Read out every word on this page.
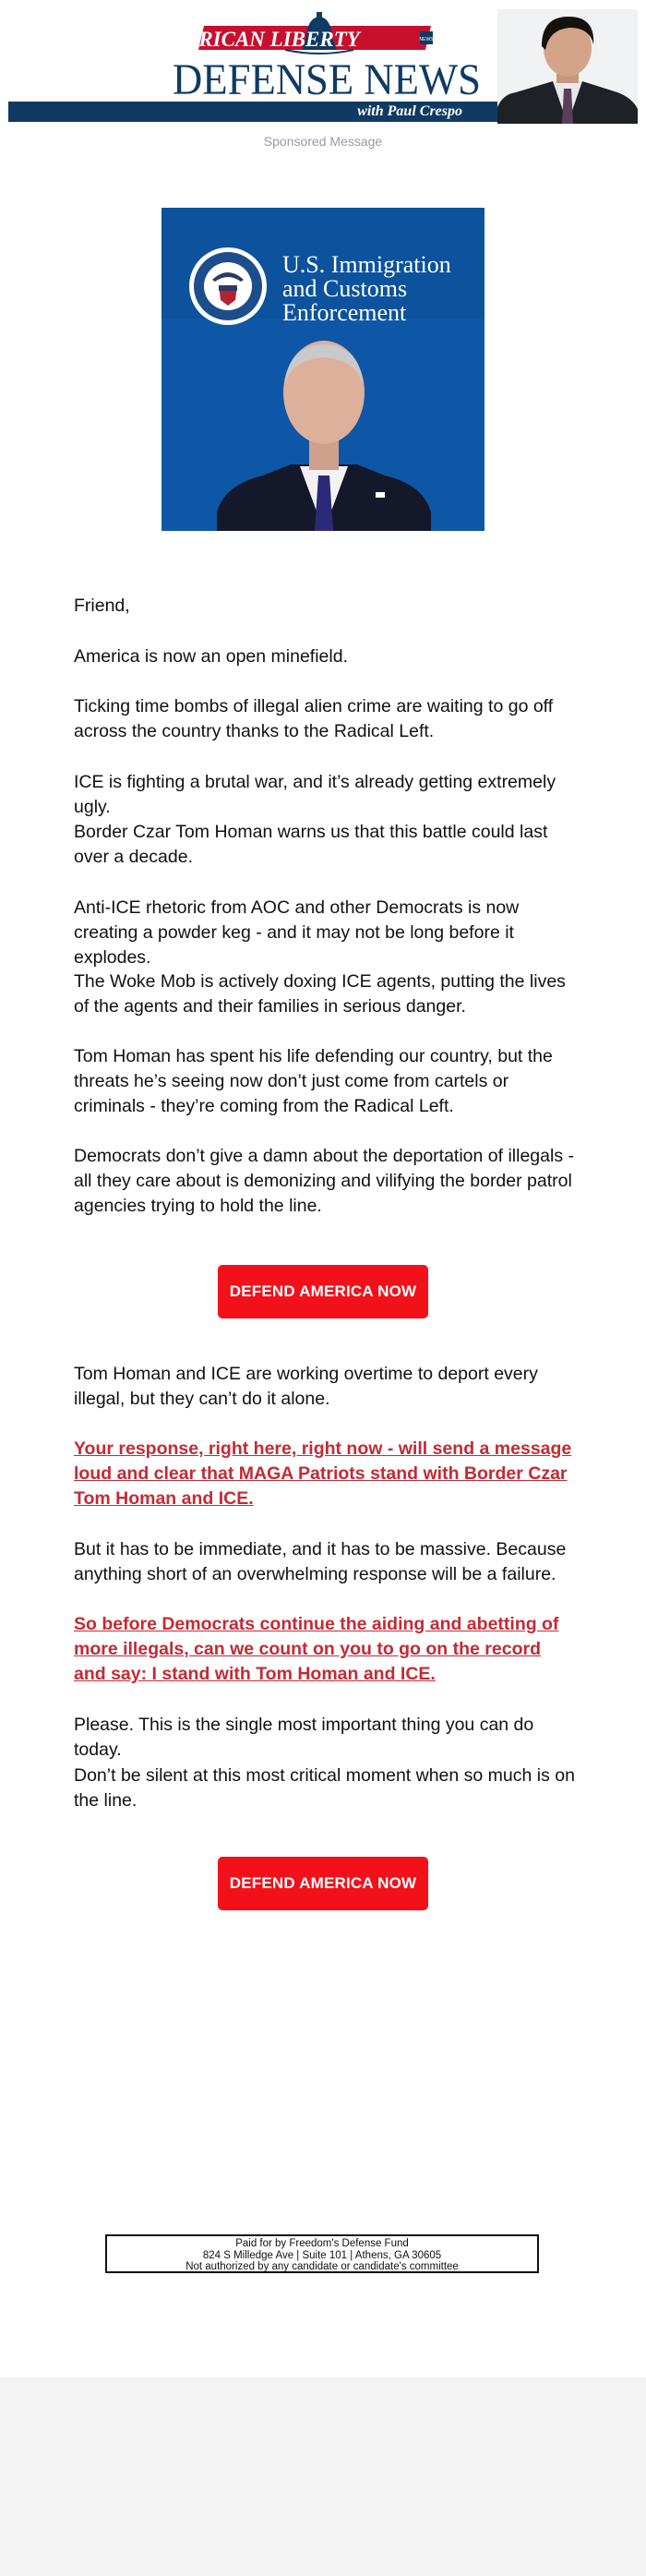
AMERICAN LIBERTY	NEWS
DEFENSE NEWS
with Paul Crespo
Sponsored Message
U.S. Immigration
and Customs
Enforcement

Friend,

America is now an open minefield.

Ticking time bombs of illegal alien crime are waiting to go off across the country thanks to the Radical Left.

ICE is fighting a brutal war, and it’s already getting extremely ugly.

Border Czar Tom Homan warns us that this battle could last over a decade.

Anti-ICE rhetoric from AOC and other Democrats is now creating a powder keg - and it may not be long before it explodes.

The Woke Mob is actively doxing ICE agents, putting the lives of the agents and their families in serious danger.

Tom Homan has spent his life defending our country, but the threats he’s seeing now don’t just come from cartels or criminals - they’re coming from the Radical Left.

Democrats don’t give a damn about the deportation of illegals - all they care about is demonizing and vilifying the border patrol agencies trying to hold the line.

DEFEND AMERICA NOW

Tom Homan and ICE are working overtime to deport every illegal, but they can’t do it alone.

Your response, right here, right now - will send a message loud and clear that MAGA Patriots stand with Border Czar Tom Homan and ICE.

But it has to be immediate, and it has to be massive. Because anything short of an overwhelming response will be a failure.

So before Democrats continue the aiding and abetting of more illegals, can we count on you to go on the record and say: I stand with Tom Homan and ICE.

Please. This is the single most important thing you can do today.

Don’t be silent at this most critical moment when so much is on the line.

DEFEND AMERICA NOW
Paid for by Freedom's Defense Fund
824 S Milledge Ave | Suite 101 | Athens, GA 30605
Not authorized by any candidate or candidate's committee
